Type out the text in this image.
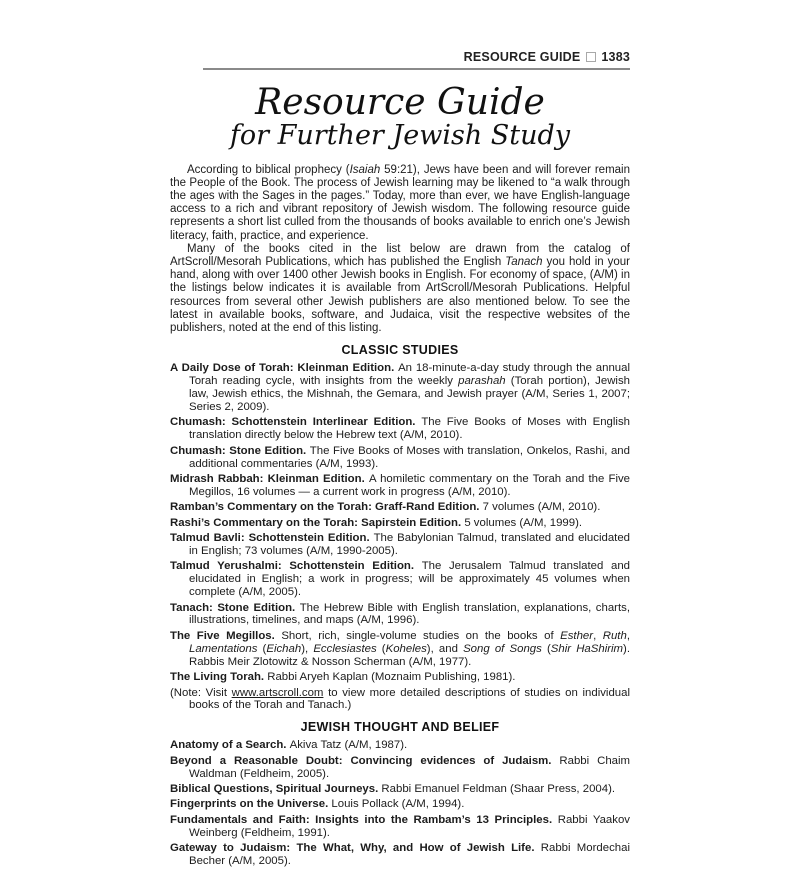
RESOURCE GUIDE 1383
Resource Guide
for Further Jewish Study

According to biblical prophecy (Isaiah 59:21), Jews have been and will forever remain the People of the Book. The process of Jewish learning may be likened to “a walk through the ages with the Sages in the pages.” Today, more than ever, we have English-language access to a rich and vibrant repository of Jewish wisdom. The following resource guide represents a short list culled from the thousands of books available to enrich one’s Jewish literacy, faith, practice, and experience.

Many of the books cited in the list below are drawn from the catalog of ArtScroll/Mesorah Publications, which has published the English Tanach you hold in your hand, along with over 1400 other Jewish books in English. For economy of space, (A/M) in the listings below indicates it is available from ArtScroll/Mesorah Publications. Helpful resources from several other Jewish publishers are also mentioned below. To see the latest in available books, software, and Judaica, visit the respective websites of the publishers, noted at the end of this listing.

CLASSIC STUDIES
A Daily Dose of Torah: Kleinman Edition. An 18-minute-a-day study through the annual Torah reading cycle, with insights from the weekly parashah (Torah portion), Jewish law, Jewish ethics, the Mishnah, the Gemara, and Jewish prayer (A/M, Series 1, 2007; Series 2, 2009).
Chumash: Schottenstein Interlinear Edition. The Five Books of Moses with English translation directly below the Hebrew text (A/M, 2010).
Chumash: Stone Edition. The Five Books of Moses with translation, Onkelos, Rashi, and additional commentaries (A/M, 1993).
Midrash Rabbah: Kleinman Edition. A homiletic commentary on the Torah and the Five Megillos, 16 volumes — a current work in progress (A/M, 2010).
Ramban’s Commentary on the Torah: Graff-Rand Edition. 7 volumes (A/M, 2010).
Rashi’s Commentary on the Torah: Sapirstein Edition. 5 volumes (A/M, 1999).
Talmud Bavli: Schottenstein Edition. The Babylonian Talmud, translated and elucidated in English; 73 volumes (A/M, 1990-2005).
Talmud Yerushalmi: Schottenstein Edition. The Jerusalem Talmud translated and elucidated in English; a work in progress; will be approximately 45 volumes when complete (A/M, 2005).
Tanach: Stone Edition. The Hebrew Bible with English translation, explanations, charts, illustrations, timelines, and maps (A/M, 1996).
The Five Megillos. Short, rich, single-volume studies on the books of Esther, Ruth, Lamentations (Eichah), Ecclesiastes (Koheles), and Song of Songs (Shir HaShirim). Rabbis Meir Zlotowitz & Nosson Scherman (A/M, 1977).
The Living Torah. Rabbi Aryeh Kaplan (Moznaim Publishing, 1981).
(Note: Visit www.artscroll.com to view more detailed descriptions of studies on individual books of the Torah and Tanach.)
JEWISH THOUGHT AND BELIEF
Anatomy of a Search. Akiva Tatz (A/M, 1987).
Beyond a Reasonable Doubt: Convincing evidences of Judaism. Rabbi Chaim Waldman (Feldheim, 2005).
Biblical Questions, Spiritual Journeys. Rabbi Emanuel Feldman (Shaar Press, 2004).
Fingerprints on the Universe. Louis Pollack (A/M, 1994).
Fundamentals and Faith: Insights into the Rambam’s 13 Principles. Rabbi Yaakov Weinberg (Feldheim, 1991).
Gateway to Judaism: The What, Why, and How of Jewish Life. Rabbi Mordechai Becher (A/M, 2005).
